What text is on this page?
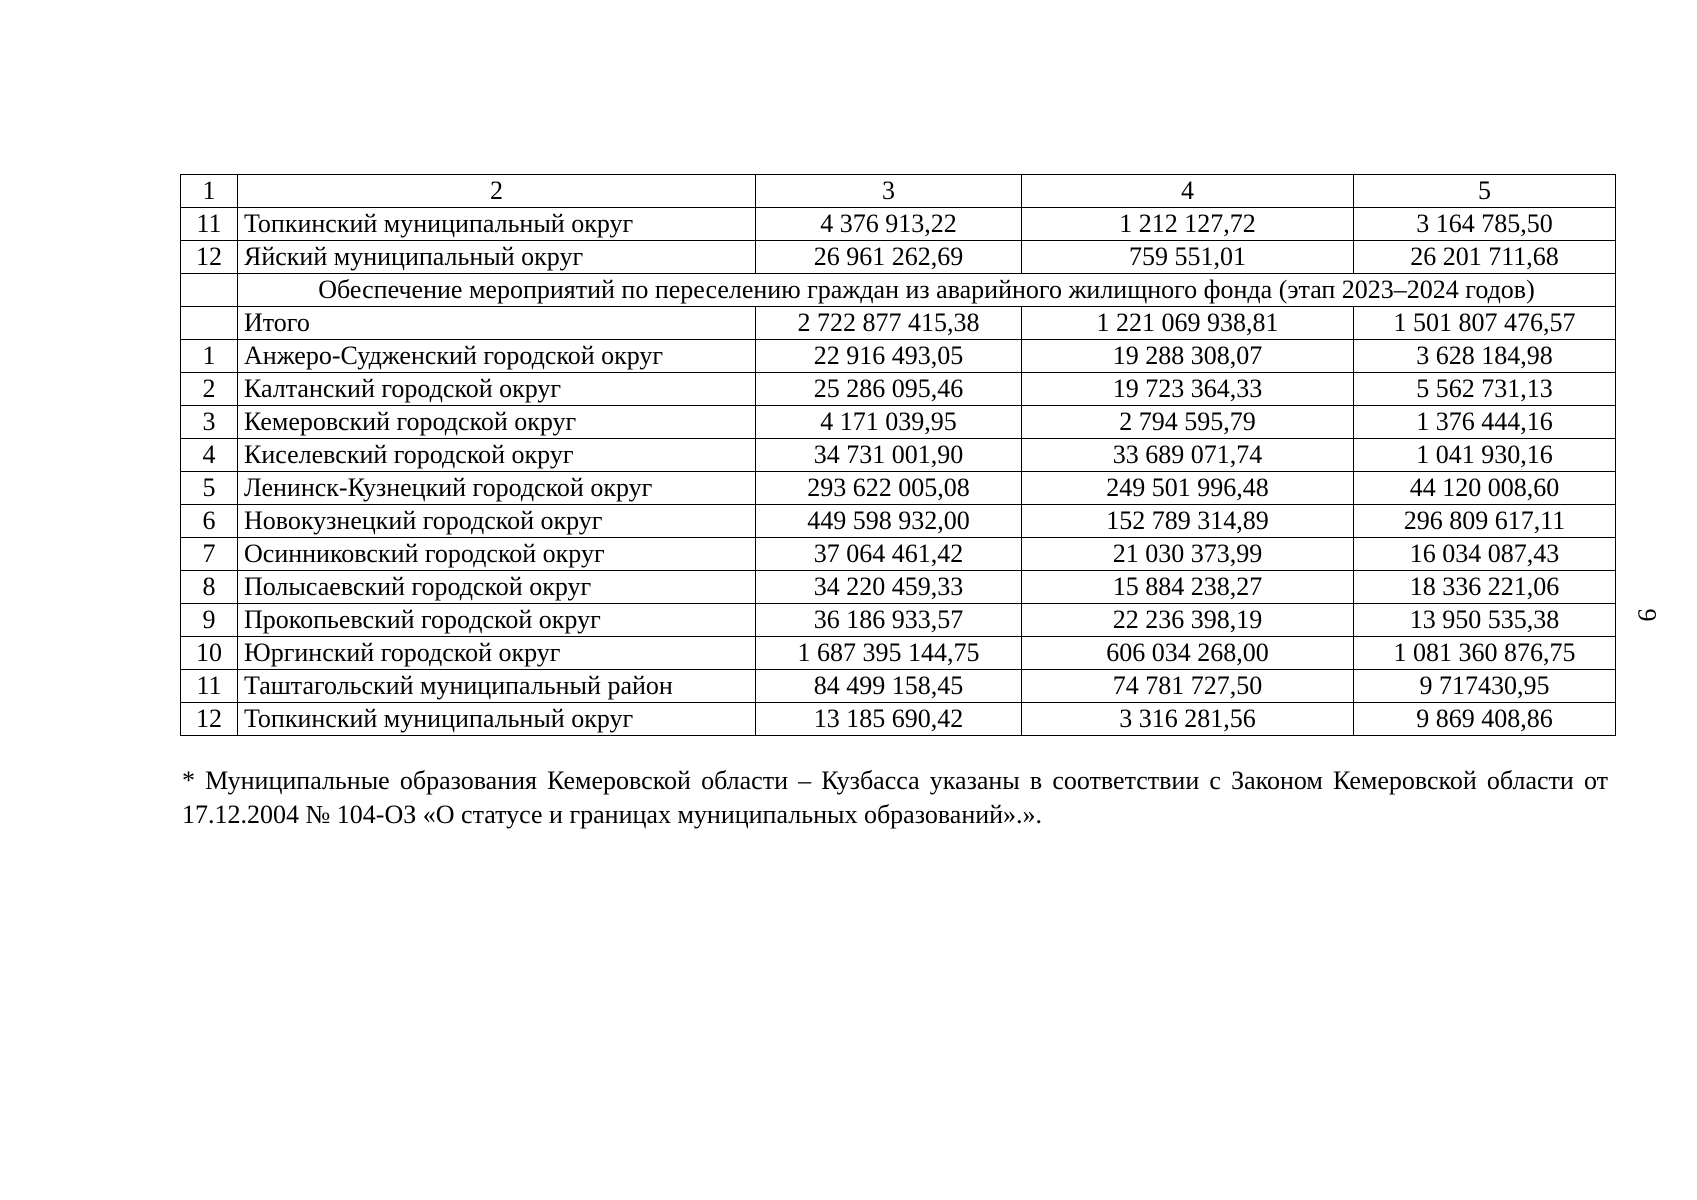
1	2	3	4	5
11	Топкинский муниципальный округ	4 376 913,22	1 212 127,72	3 164 785,50
12	Яйский муниципальный округ	26 961 262,69	759 551,01	26 201 711,68
	Обеспечение мероприятий по переселению граждан из аварийного жилищного фонда (этап 2023–2024 годов)			
	Итого	2 722 877 415,38	1 221 069 938,81	1 501 807 476,57
1	Анжеро-Судженский городской округ	22 916 493,05	19 288 308,07	3 628 184,98
2	Калтанский городской округ	25 286 095,46	19 723 364,33	5 562 731,13
3	Кемеровский городской округ	4 171 039,95	2 794 595,79	1 376 444,16
4	Киселевский городской округ	34 731 001,90	33 689 071,74	1 041 930,16
5	Ленинск-Кузнецкий городской округ	293 622 005,08	249 501 996,48	44 120 008,60
6	Новокузнецкий городской округ	449 598 932,00	152 789 314,89	296 809 617,11
7	Осинниковский городской округ	37 064 461,42	21 030 373,99	16 034 087,43
8	Полысаевский городской округ	34 220 459,33	15 884 238,27	18 336 221,06
9	Прокопьевский городской округ	36 186 933,57	22 236 398,19	13 950 535,38
10	Юргинский городской округ	1 687 395 144,75	606 034 268,00	1 081 360 876,75
11	Таштагольский муниципальный район	84 499 158,45	74 781 727,50	9 717430,95
12	Топкинский муниципальный округ	13 185 690,42	3 316 281,56	9 869 408,86
* Муниципальные образования Кемеровской области – Кузбасса указаны в соответствии с Законом Кемеровской области от 17.12.2004 № 104-ОЗ «О статусе и границах муниципальных образований».».
9
